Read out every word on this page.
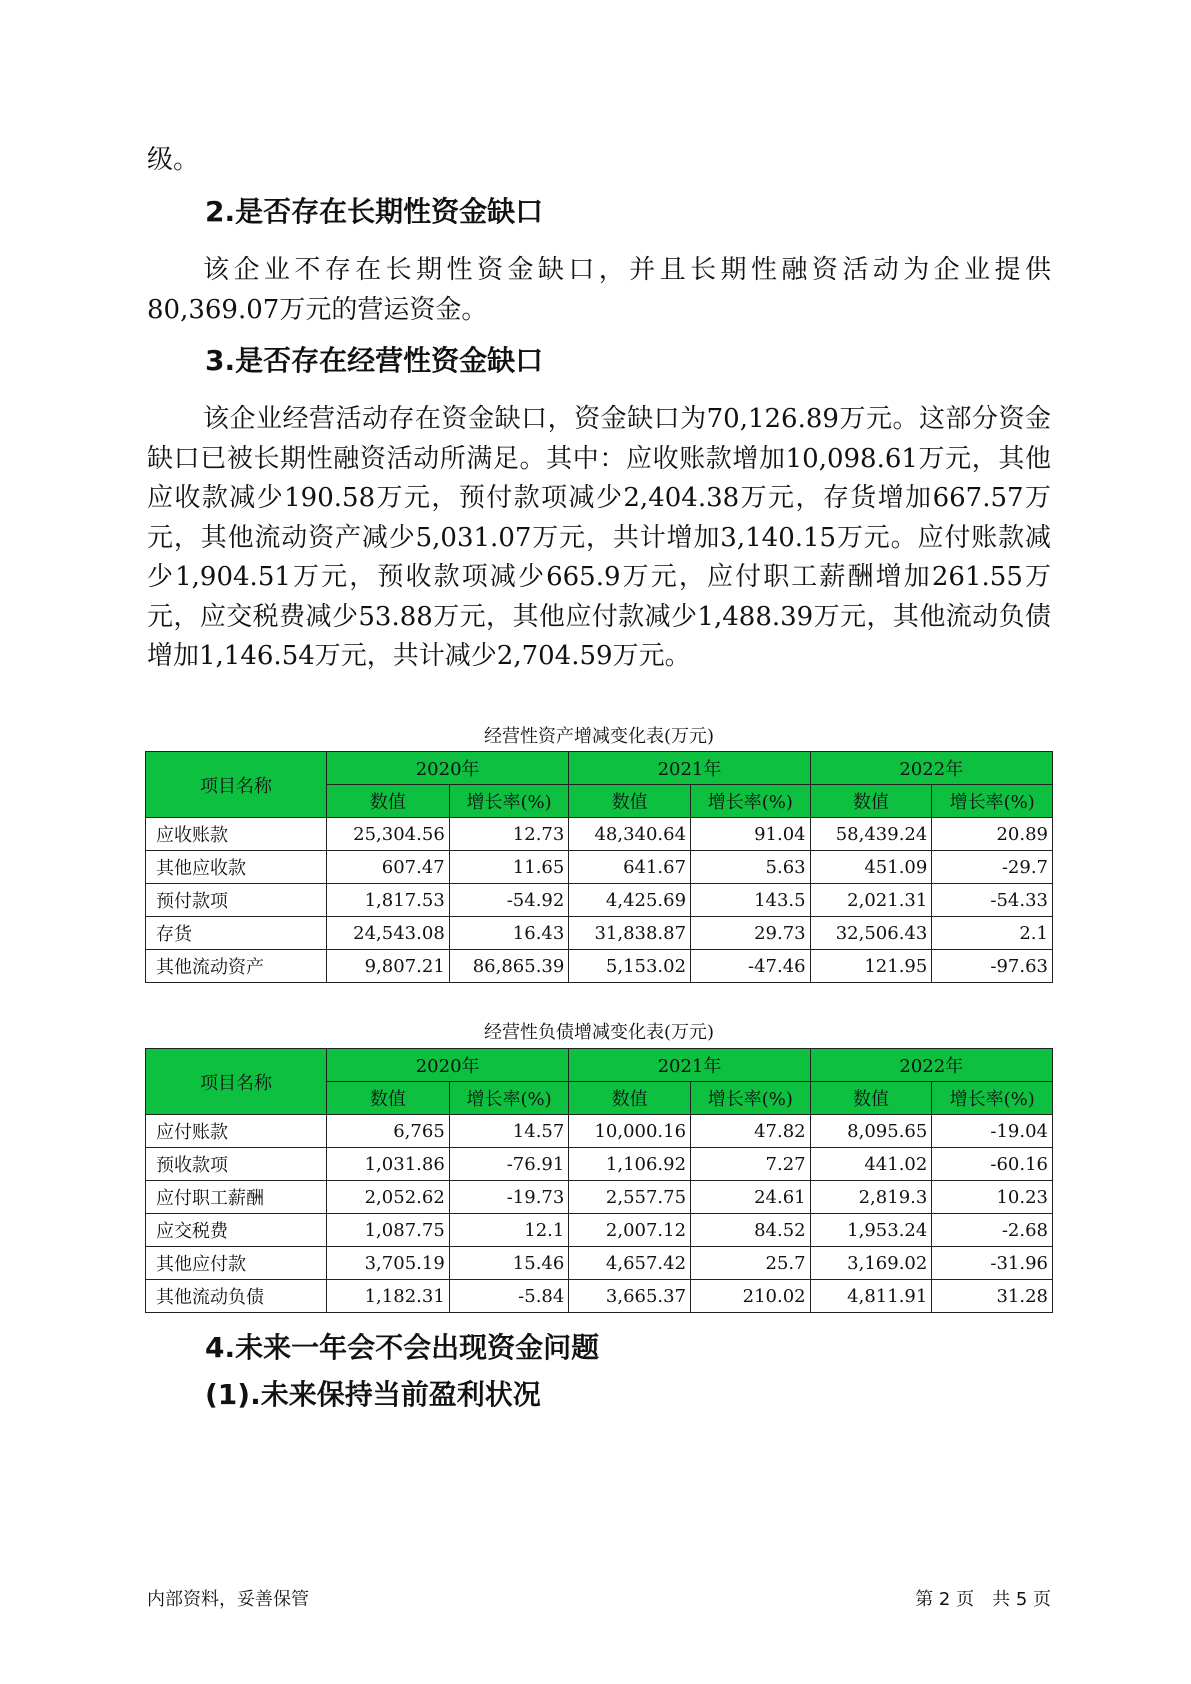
级。
2.是否存在长期性资金缺口
该企业不存在长期性资金缺口，并且长期性融资活动为企业提供80,369.07万元的营运资金。
3.是否存在经营性资金缺口
该企业经营活动存在资金缺口，资金缺口为70,126.89万元。这部分资金缺口已被长期性融资活动所满足。其中：应收账款增加10,098.61万元，其他应收款减少190.58万元，预付款项减少2,404.38万元，存货增加667.57万元，其他流动资产减少5,031.07万元，共计增加3,140.15万元。应付账款减少1,904.51万元，预收款项减少665.9万元，应付职工薪酬增加261.55万元，应交税费减少53.88万元，其他应付款减少1,488.39万元，其他流动负债增加1,146.54万元，共计减少2,704.59万元。
经营性资产增减变化表(万元)
项目名称	2020年		2021年		2022年	
	数值	增长率(%)	数值	增长率(%)	数值	增长率(%)
应收账款	25,304.56	12.73	48,340.64	91.04	58,439.24	20.89
其他应收款	607.47	11.65	641.67	5.63	451.09	-29.7
预付款项	1,817.53	-54.92	4,425.69	143.5	2,021.31	-54.33
存货	24,543.08	16.43	31,838.87	29.73	32,506.43	2.1
其他流动资产	9,807.21	86,865.39	5,153.02	-47.46	121.95	-97.63
经营性负债增减变化表(万元)
项目名称	2020年		2021年		2022年	
	数值	增长率(%)	数值	增长率(%)	数值	增长率(%)
应付账款	6,765	14.57	10,000.16	47.82	8,095.65	-19.04
预收款项	1,031.86	-76.91	1,106.92	7.27	441.02	-60.16
应付职工薪酬	2,052.62	-19.73	2,557.75	24.61	2,819.3	10.23
应交税费	1,087.75	12.1	2,007.12	84.52	1,953.24	-2.68
其他应付款	3,705.19	15.46	4,657.42	25.7	3,169.02	-31.96
其他流动负债	1,182.31	-5.84	3,665.37	210.02	4,811.91	31.28
4.未来一年会不会出现资金问题
(1).未来保持当前盈利状况
内部资料，妥善保管	第 2 页　共 5 页
